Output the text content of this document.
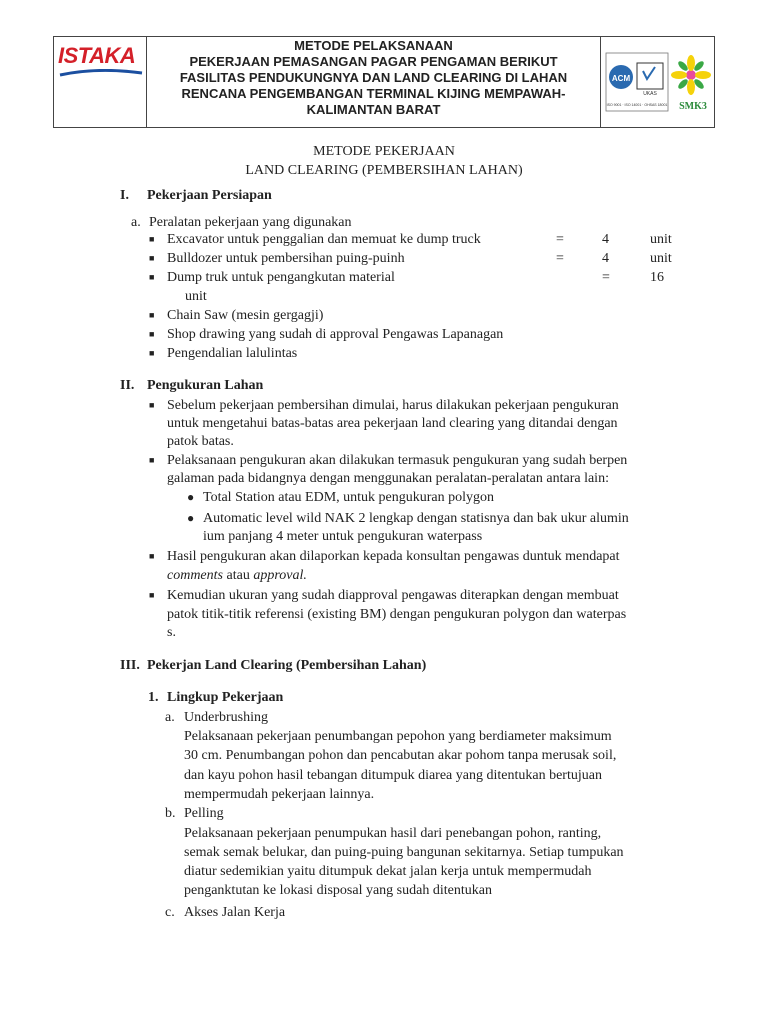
ISTAKA	METODE PELAKSANAAN
PEKERJAAN PEMASANGAN PAGAR PENGAMAN BERIKUT
FASILITAS PENDUKUNGNYA DAN LAND CLEARING DI LAHAN
RENCANA PENGEMBANGAN TERMINAL KIJING MEMPAWAH-
KALIMANTAN BARAT
ACM
UKAS
ISO 9001 · ISO 14001 · OHSAS 18001 SMK3
METODE PEKERJAAN
LAND CLEARING (PEMBERSIHAN LAHAN)
I. Pekerjaan Persiapan
a. Peralatan pekerjaan yang digunakan
■ Excavator untuk penggalian dan memuat ke dump truck	=	4	unit
■ Bulldozer untuk pembersihan puing-puinh	=	4	unit
■ Dump truk untuk pengangkutan material	=	16
unit
■ Chain Saw (mesin gergagji)
■ Shop drawing yang sudah di approval Pengawas Lapanagan
■ Pengendalian lalulintas
II. Pengukuran Lahan
■ Sebelum pekerjaan pembersihan dimulai, harus dilakukan pekerjaan pengukuran
untuk mengetahui batas-batas area pekerjaan land clearing yang ditandai dengan
patok batas.
■ Pelaksanaan pengukuran akan dilakukan termasuk pengukuran yang sudah berpen
galaman pada bidangnya dengan menggunakan peralatan-peralatan antara lain:
● Total Station atau EDM, untuk pengukuran polygon
● Automatic level wild NAK 2 lengkap dengan statisnya dan bak ukur alumin
ium panjang 4 meter untuk pengukuran waterpass
■ Hasil pengukuran akan dilaporkan kepada konsultan pengawas duntuk mendapat
comments atau approval.
■ Kemudian ukuran yang sudah diapproval pengawas diterapkan dengan membuat
patok titik-titik referensi (existing BM) dengan pengukuran polygon dan waterpas
s.
III. Pekerjan Land Clearing (Pembersihan Lahan)
1. Lingkup Pekerjaan
a. Underbrushing
Pelaksanaan pekerjaan penumbangan pepohon yang berdiameter maksimum
30 cm. Penumbangan pohon dan pencabutan akar pohom tanpa merusak soil,
dan kayu pohon hasil tebangan ditumpuk diarea yang ditentukan bertujuan
mempermudah pekerjaan lainnya.
b. Pelling
Pelaksanaan pekerjaan penumpukan hasil dari penebangan pohon, ranting,
semak semak belukar, dan puing-puing bangunan sekitarnya. Setiap tumpukan
diatur sedemikian yaitu ditumpuk dekat jalan kerja untuk mempermudah
penganktutan ke lokasi disposal yang sudah ditentukan
c. Akses Jalan Kerja
